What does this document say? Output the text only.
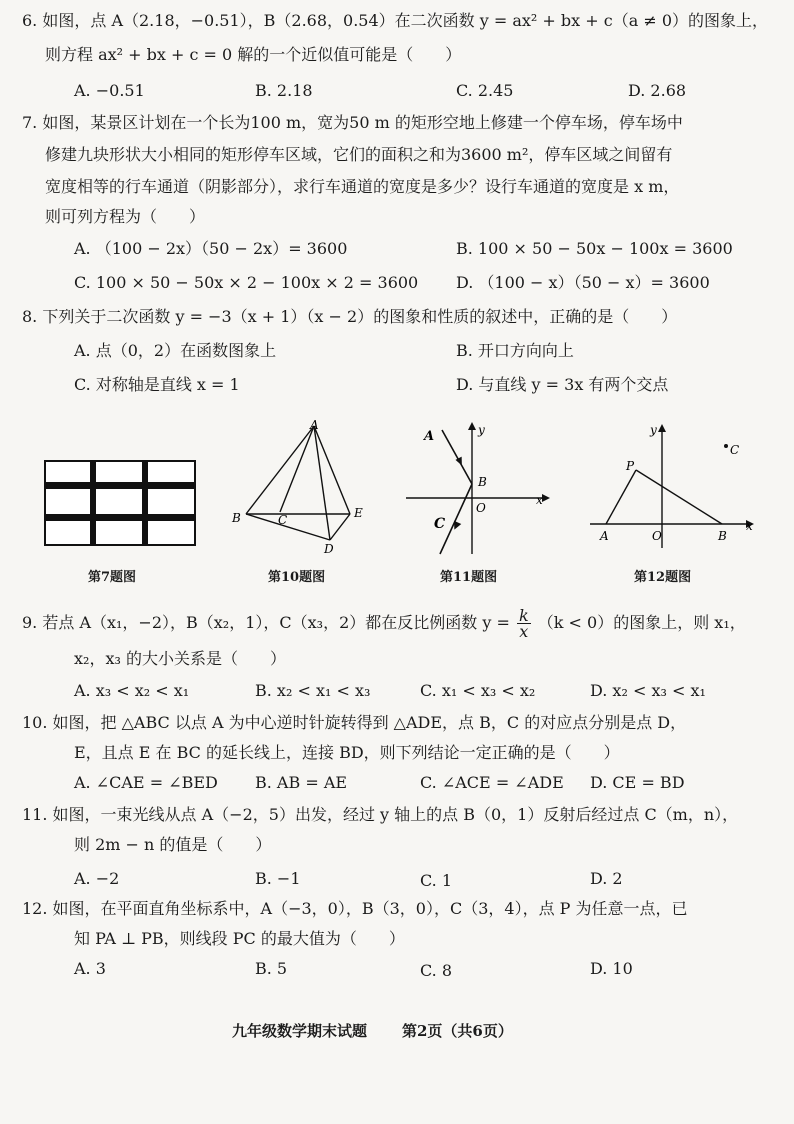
6. 如图，点 A（2.18，−0.51），B（2.68，0.54）在二次函数 y = ax² + bx + c（a ≠ 0）的图象上，
则方程 ax² + bx + c = 0 解的一个近似值可能是（　　）
A. −0.51	B. 2.18	C. 2.45	D. 2.68
7. 如图，某景区计划在一个长为100 m，宽为50 m 的矩形空地上修建一个停车场，停车场中
修建九块形状大小相同的矩形停车区域，它们的面积之和为3600 m²，停车区域之间留有
宽度相等的行车通道（阴影部分），求行车通道的宽度是多少？设行车通道的宽度是 x m，
则可列方程为（　　）
A. （100 − 2x）（50 − 2x）= 3600	B. 100 × 50 − 50x − 100x = 3600
C. 100 × 50 − 50x × 2 − 100x × 2 = 3600 D. （100 − x）（50 − x）= 3600
8. 下列关于二次函数 y = −3（x + 1）（x − 2）的图象和性质的叙述中，正确的是（　　）
A. 点（0，2）在函数图象上	B. 开口方向向上
C. 对称轴是直线 x = 1	D. 与直线 y = 3x 有两个交点
第7题图
A
B	C	E
D
第10题图
A	y
B
O
x
C
第11题图
y
C
P
A	O	B
x
第12题图
9. 若点 A（x₁，−2），B（x₂，1），C（x₃，2）都在反比例函数 $y = \frac{k}{x} (k < 0)$的图象上，则 x₁，
x₂，x₃ 的大小关系是（　　）
A. x₃ < x₂ < x₁	B. x₂ < x₁ < x₃	C. x₁ < x₃ < x₂	D. x₂ < x₃ < x₁
10. 如图，把 △ABC 以点 A 为中心逆时针旋转得到 △ADE，点 B，C 的对应点分别是点 D，
E，且点 E 在 BC 的延长线上，连接 BD，则下列结论一定正确的是（　　）
A. ∠CAE = ∠BED B. AB = AE	C. ∠ACE = ∠ADE D. CE = BD
11. 如图，一束光线从点 A（−2，5）出发，经过 y 轴上的点 B（0，1）反射后经过点 C（m，n），
则 2m − n 的值是（　　）
A. −2	B. −1	C. 1	D. 2
12. 如图，在平面直角坐标系中，A（−3，0），B（3，0），C（3，4），点 P 为任意一点，已
知 PA ⊥ PB，则线段 PC 的最大值为（　　）
A. 3	B. 5	C. 8	D. 10
九年级数学期末试题 第2页（共6页）
